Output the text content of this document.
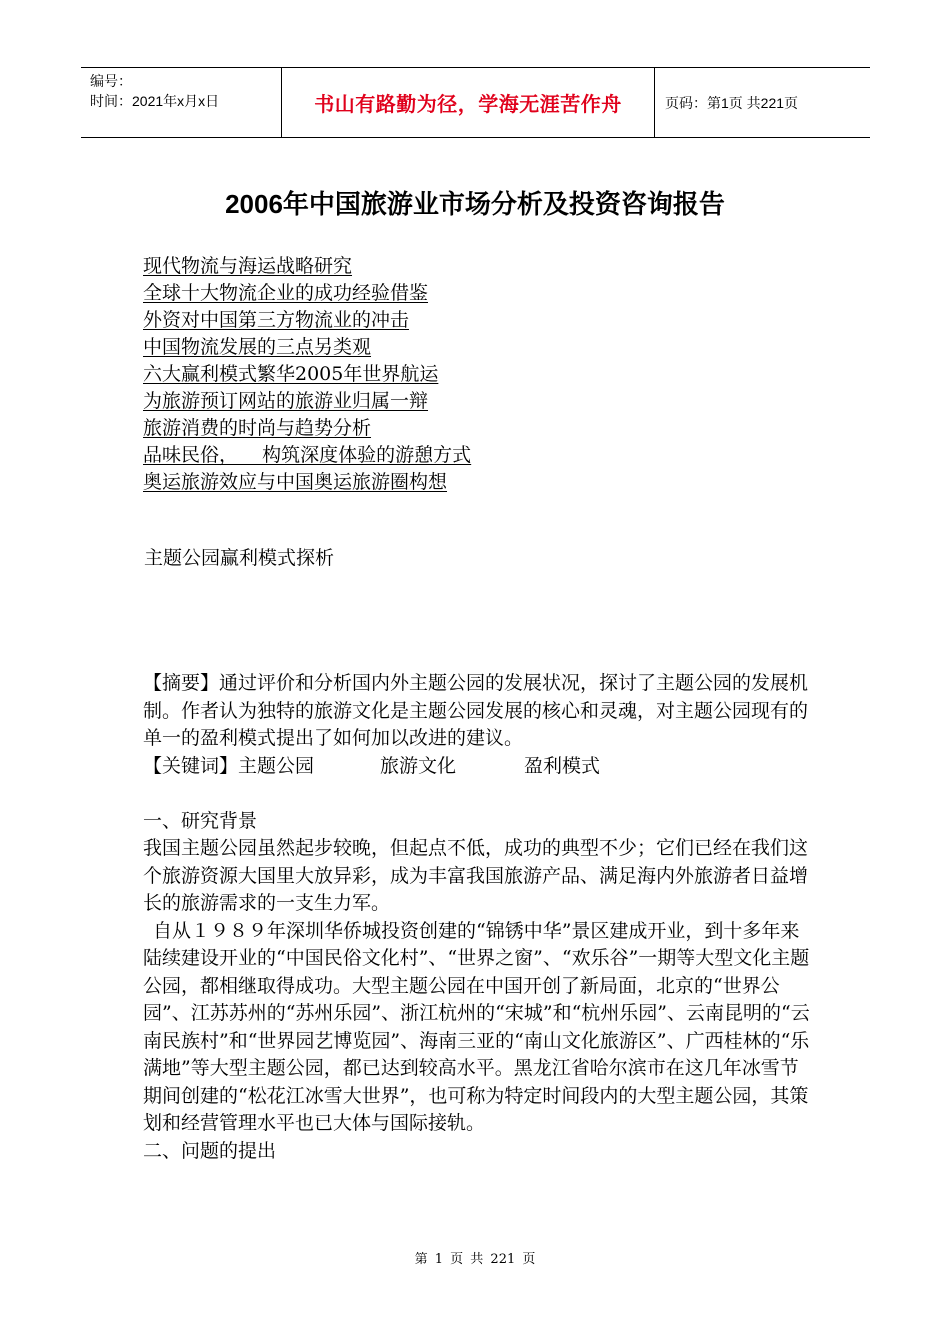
编号：
时间：2021年x月x日	书山有路勤为径，学海无涯苦作舟	页码：第1页 共221页
2006年中国旅游业市场分析及投资咨询报告
现代物流与海运战略研究
全球十大物流企业的成功经验借鉴
外资对中国第三方物流业的冲击
中国物流发展的三点另类观
六大赢利模式繁华2005年世界航运
为旅游预订网站的旅游业归属一辩
旅游消费的时尚与趋势分析
品味民俗，    构筑深度体验的游憩方式
奥运旅游效应与中国奥运旅游圈构想

主题公园赢利模式探析

【摘要】通过评价和分析国内外主题公园的发展状况，探讨了主题公园的发展机制。作者认为独特的旅游文化是主题公园发展的核心和灵魂，对主题公园现有的单一的盈利模式提出了如何加以改进的建议。

【关键词】主题公园	旅游文化	盈利模式

一、研究背景

我国主题公园虽然起步较晚，但起点不低，成功的典型不少；它们已经在我们这个旅游资源大国里大放异彩，成为丰富我国旅游产品、满足海内外旅游者日益增长的旅游需求的一支生力军。

自从１９８９年深圳华侨城投资创建的“锦锈中华”景区建成开业，到十多年来陆续建设开业的“中国民俗文化村”、“世界之窗”、“欢乐谷”一期等大型文化主题公园，都相继取得成功。大型主题公园在中国开创了新局面，北京的“世界公园”、江苏苏州的“苏州乐园”、浙江杭州的“宋城”和“杭州乐园”、云南昆明的“云南民族村”和“世界园艺博览园”、海南三亚的“南山文化旅游区”、广西桂林的“乐满地”等大型主题公园，都已达到较高水平。黑龙江省哈尔滨市在这几年冰雪节期间创建的“松花江冰雪大世界”，也可称为特定时间段内的大型主题公园，其策划和经营管理水平也已大体与国际接轨。

二、问题的提出

第 1 页 共 221 页
